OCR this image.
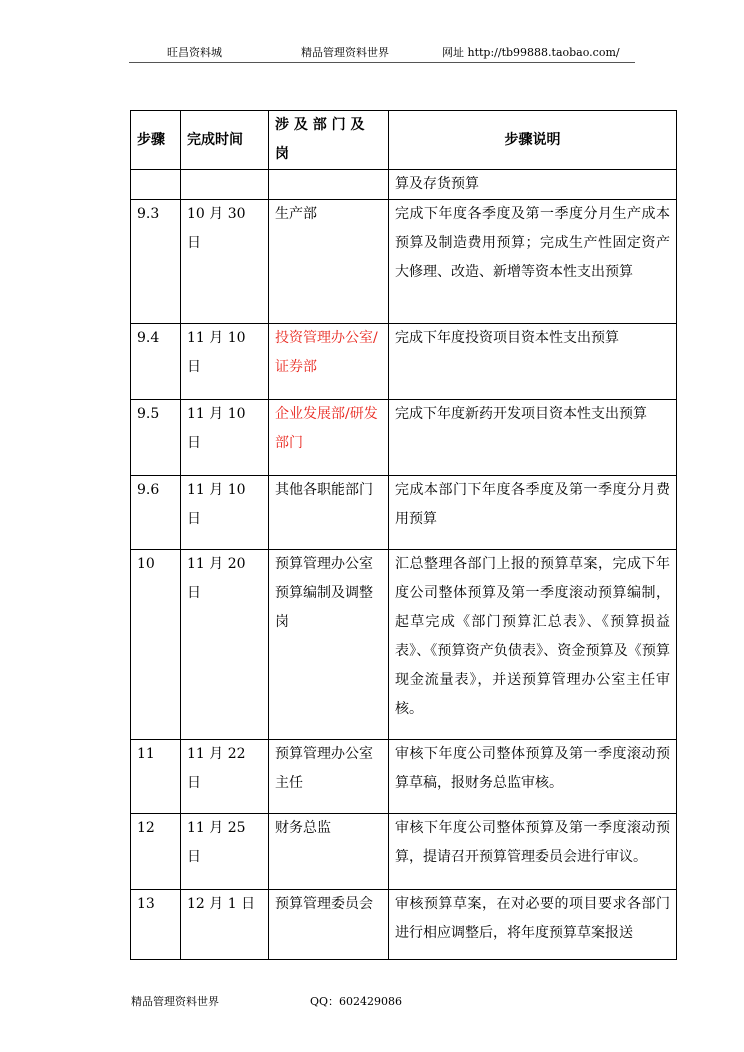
旺昌资料城	精品管理资料世界	网址 http://tb99888.taobao.com/
步骤	完成时间	涉 及 部 门 及 岗	步骤说明
			算及存货预算
9.3	10 月 30 日	生产部	完成下年度各季度及第一季度分月生产成本预算及制造费用预算；完成生产性固定资产大修理、改造、新增等资本性支出预算
9.4	11 月 10 日	投资管理办公室/证券部	完成下年度投资项目资本性支出预算
9.5	11 月 10 日	企业发展部/研发部门	完成下年度新药开发项目资本性支出预算
9.6	11 月 10 日	其他各职能部门	完成本部门下年度各季度及第一季度分月费用预算
10	11 月 20 日	预算管理办公室预算编制及调整岗	汇总整理各部门上报的预算草案，完成下年度公司整体预算及第一季度滚动预算编制，起草完成《部门预算汇总表》、《预算损益表》、《预算资产负债表》、资金预算及《预算现金流量表》，并送预算管理办公室主任审核。
11	11 月 22 日	预算管理办公室主任	审核下年度公司整体预算及第一季度滚动预算草稿，报财务总监审核。
12	11 月 25 日	财务总监	审核下年度公司整体预算及第一季度滚动预算，提请召开预算管理委员会进行审议。
13	12 月 1 日	预算管理委员会	审核预算草案，在对必要的项目要求各部门进行相应调整后，将年度预算草案报送
精品管理资料世界	QQ：602429086
